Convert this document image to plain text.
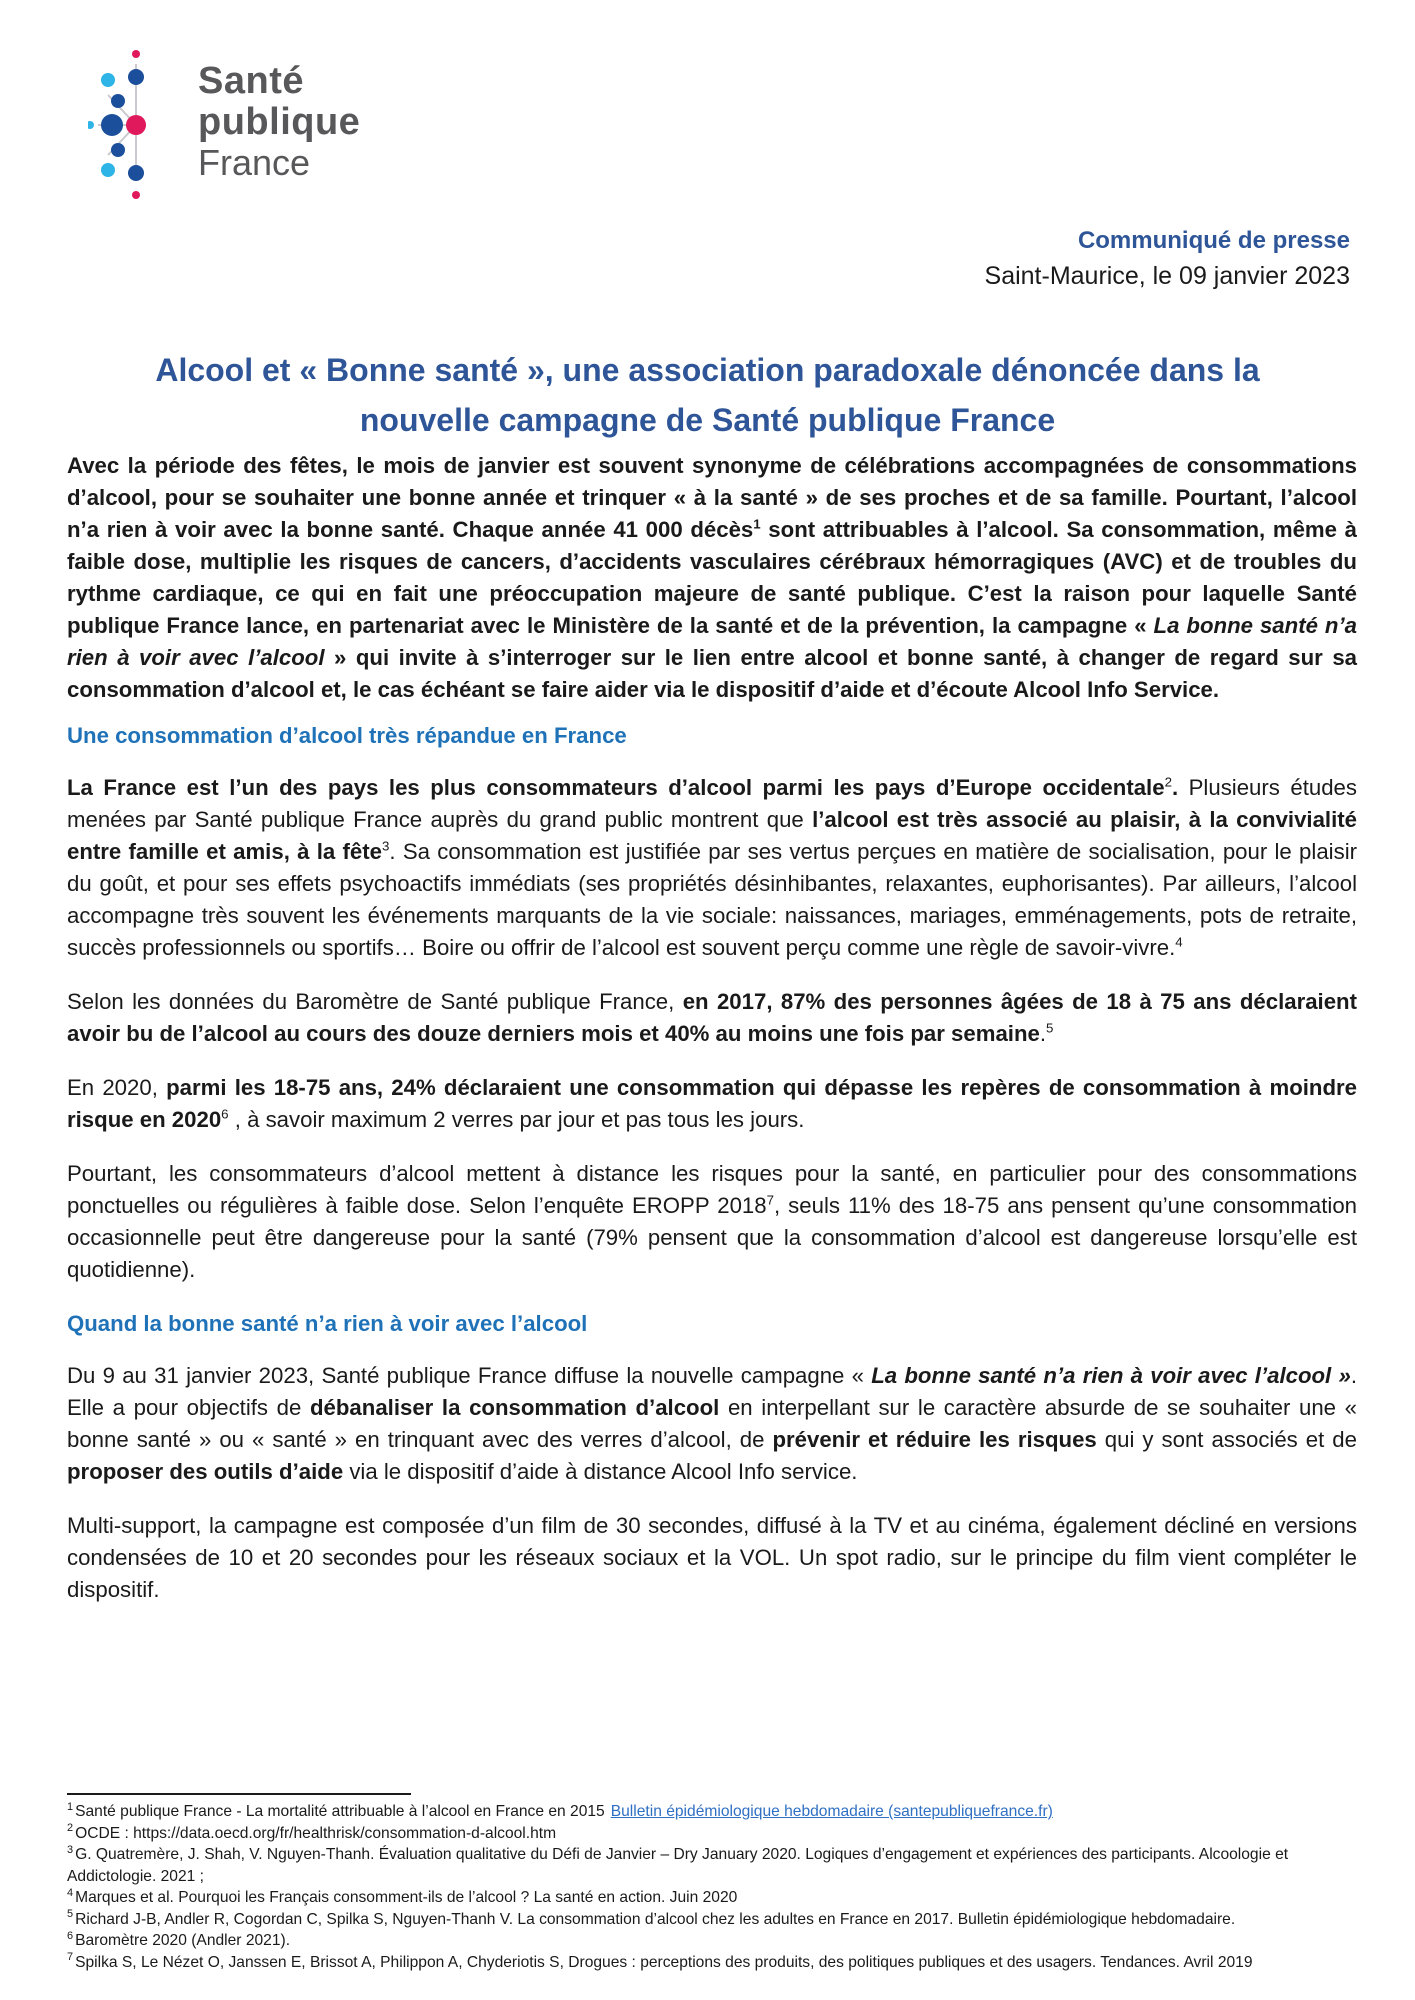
Santé
publique
France
Communiqué de presse
Saint-Maurice, le 09 janvier 2023
Alcool et « Bonne santé », une association paradoxale dénoncée dans la
nouvelle campagne de Santé publique France

Avec la période des fêtes, le mois de janvier est souvent synonyme de célébrations accompagnées de consommations d’alcool, pour se souhaiter une bonne année et trinquer « à la santé » de ses proches et de sa famille. Pourtant, l’alcool n’a rien à voir avec la bonne santé. Chaque année 41 000 décès$^1$ sont attribuables à l’alcool. Sa consommation, même à faible dose, multiplie les risques de cancers, d’accidents vasculaires cérébraux hémorragiques (AVC) et de troubles du rythme cardiaque, ce qui en fait une préoccupation majeure de santé publique. C’est la raison pour laquelle Santé publique France lance, en partenariat avec le Ministère de la santé et de la prévention, la campagne « La bonne santé n’a rien à voir avec l’alcool » qui invite à s’interroger sur le lien entre alcool et bonne santé, à changer de regard sur sa consommation d’alcool et, le cas échéant se faire aider via le dispositif d’aide et d’écoute Alcool Info Service.

Une consommation d’alcool très répandue en France

La France est l’un des pays les plus consommateurs d’alcool parmi les pays d’Europe occidentale$^2$. Plusieurs études menées par Santé publique France auprès du grand public montrent que l’alcool est très associé au plaisir, à la convivialité entre famille et amis, à la fête$^3$. Sa consommation est justifiée par ses vertus perçues en matière de socialisation, pour le plaisir du goût, et pour ses effets psychoactifs immédiats (ses propriétés désinhibantes, relaxantes, euphorisantes). Par ailleurs, l’alcool accompagne très souvent les événements marquants de la vie sociale: naissances, mariages, emménagements, pots de retraite, succès professionnels ou sportifs… Boire ou offrir de l’alcool est souvent perçu comme une règle de savoir-vivre.$^4$

Selon les données du Baromètre de Santé publique France, en 2017, 87% des personnes âgées de 18 à 75 ans déclaraient avoir bu de l’alcool au cours des douze derniers mois et 40% au moins une fois par semaine.$^5$

En 2020, parmi les 18-75 ans, 24% déclaraient une consommation qui dépasse les repères de consommation à moindre risque en 2020$^6$ , à savoir maximum 2 verres par jour et pas tous les jours.

Pourtant, les consommateurs d’alcool mettent à distance les risques pour la santé, en particulier pour des consommations ponctuelles ou régulières à faible dose. Selon l’enquête EROPP 2018$^7$, seuls 11% des 18-75 ans pensent qu’une consommation occasionnelle peut être dangereuse pour la santé (79% pensent que la consommation d’alcool est dangereuse lorsqu’elle est quotidienne).

Quand la bonne santé n’a rien à voir avec l’alcool

Du 9 au 31 janvier 2023, Santé publique France diffuse la nouvelle campagne « La bonne santé n’a rien à voir avec l’alcool ». Elle a pour objectifs de débanaliser la consommation d’alcool en interpellant sur le caractère absurde de se souhaiter une « bonne santé » ou « santé » en trinquant avec des verres d’alcool, de prévenir et réduire les risques qui y sont associés et de proposer des outils d’aide via le dispositif d’aide à distance Alcool Info service.

Multi-support, la campagne est composée d’un film de 30 secondes, diffusé à la TV et au cinéma, également décliné en versions condensées de 10 et 20 secondes pour les réseaux sociaux et la VOL. Un spot radio, sur le principe du film vient compléter le dispositif.

$^1$ Santé publique France - La mortalité attribuable à l’alcool en France en 2015 Bulletin épidémiologique hebdomadaire (santepubliquefrance.fr)
$^2$ OCDE : https://data.oecd.org/fr/healthrisk/consommation-d-alcool.htm
$^3$ G. Quatremère, J. Shah, V. Nguyen-Thanh. Évaluation qualitative du Défi de Janvier – Dry January 2020. Logiques d’engagement et expériences des participants. Alcoologie et Addictologie. 2021 ;
$^4$ Marques et al. Pourquoi les Français consomment-ils de l’alcool ? La santé en action. Juin 2020
$^5$ Richard J-B, Andler R, Cogordan C, Spilka S, Nguyen-Thanh V. La consommation d’alcool chez les adultes en France en 2017. Bulletin épidémiologique hebdomadaire.
$^6$ Baromètre 2020 (Andler 2021).
$^7$ Spilka S, Le Nézet O, Janssen E, Brissot A, Philippon A, Chyderiotis S, Drogues : perceptions des produits, des politiques publiques et des usagers. Tendances. Avril 2019
